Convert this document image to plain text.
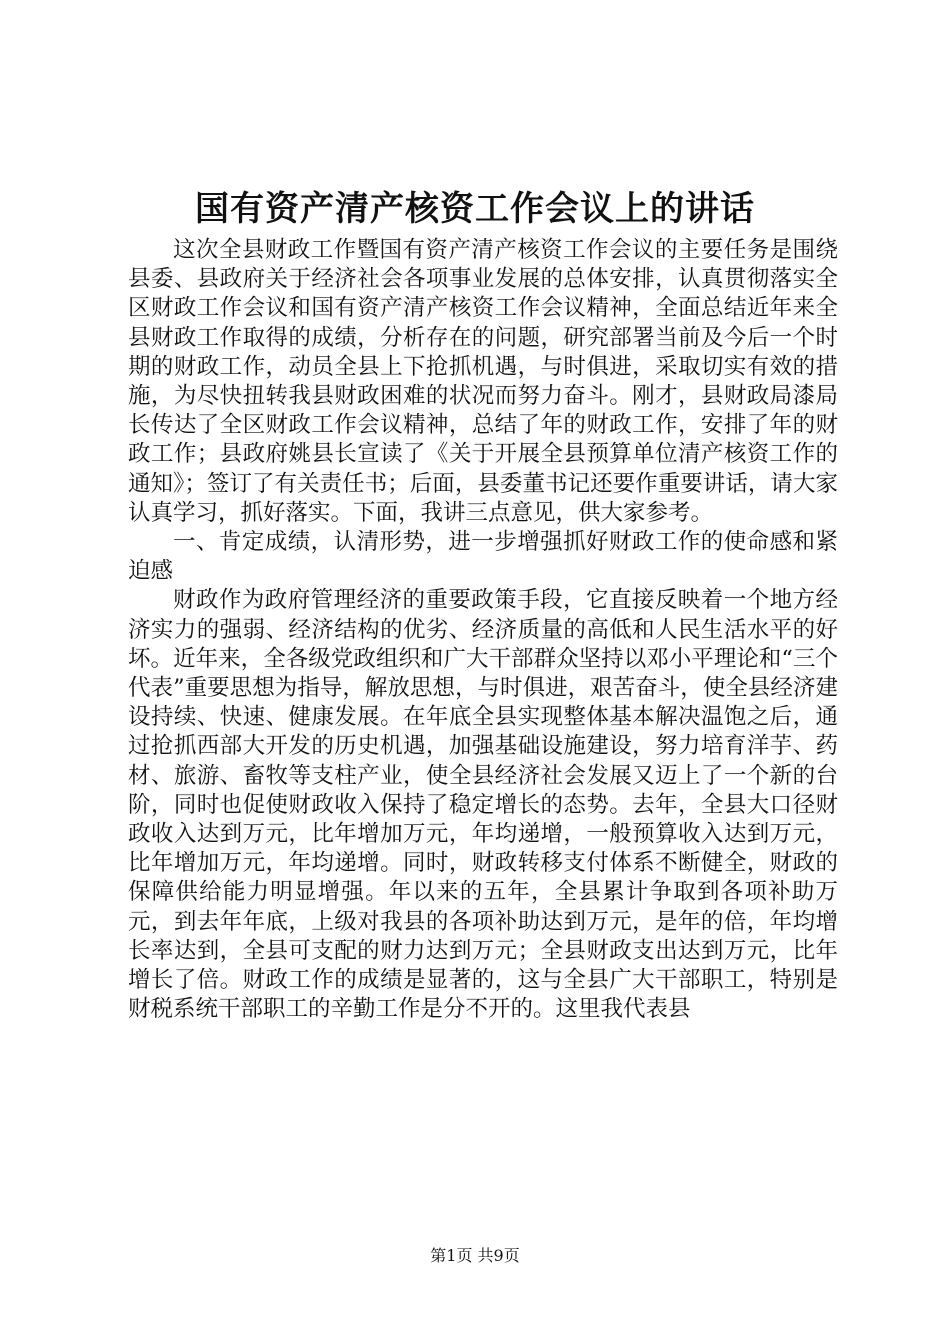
国有资产清产核资工作会议上的讲话

这次全县财政工作暨国有资产清产核资工作会议的主要任务是围绕县委、县政府关于经济社会各项事业发展的总体安排，认真贯彻落实全区财政工作会议和国有资产清产核资工作会议精神，全面总结近年来全县财政工作取得的成绩，分析存在的问题，研究部署当前及今后一个时期的财政工作，动员全县上下抢抓机遇，与时俱进，采取切实有效的措施，为尽快扭转我县财政困难的状况而努力奋斗。刚才，县财政局漆局长传达了全区财政工作会议精神，总结了年的财政工作，安排了年的财政工作；县政府姚县长宣读了《关于开展全县预算单位清产核资工作的通知》；签订了有关责任书；后面，县委董书记还要作重要讲话，请大家认真学习，抓好落实。下面，我讲三点意见，供大家参考。

一、肯定成绩，认清形势，进一步增强抓好财政工作的使命感和紧迫感

财政作为政府管理经济的重要政策手段，它直接反映着一个地方经济实力的强弱、经济结构的优劣、经济质量的高低和人民生活水平的好坏。近年来，全各级党政组织和广大干部群众坚持以邓小平理论和“三个代表”重要思想为指导，解放思想，与时俱进，艰苦奋斗，使全县经济建设持续、快速、健康发展。在年底全县实现整体基本解决温饱之后，通过抢抓西部大开发的历史机遇，加强基础设施建设，努力培育洋芋、药材、旅游、畜牧等支柱产业，使全县经济社会发展又迈上了一个新的台阶，同时也促使财政收入保持了稳定增长的态势。去年，全县大口径财政收入达到万元，比年增加万元，年均递增，一般预算收入达到万元，比年增加万元，年均递增。同时，财政转移支付体系不断健全，财政的保障供给能力明显增强。年以来的五年，全县累计争取到各项补助万元，到去年年底，上级对我县的各项补助达到万元，是年的倍，年均增长率达到，全县可支配的财力达到万元；全县财政支出达到万元，比年增长了倍。财政工作的成绩是显著的，这与全县广大干部职工，特别是财税系统干部职工的辛勤工作是分不开的。这里我代表县

第1页 共9页
